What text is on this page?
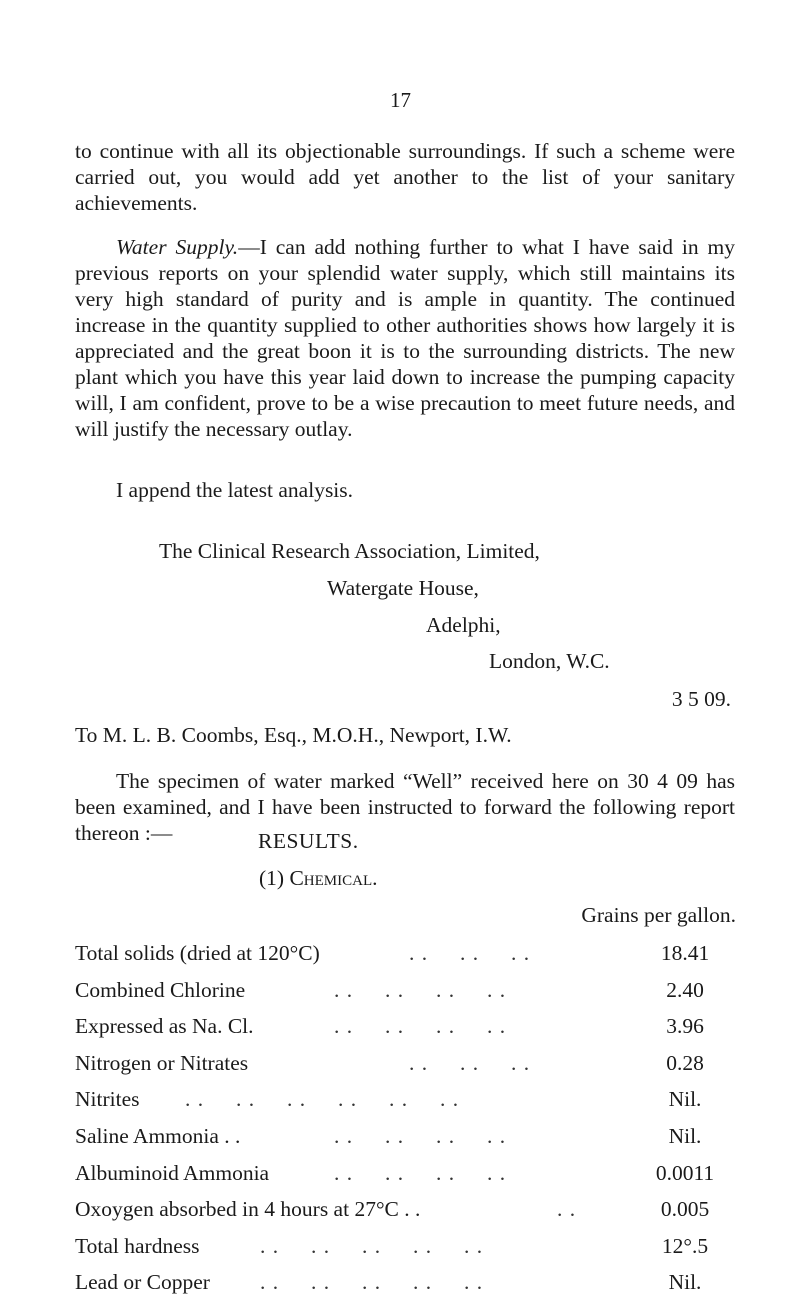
17

to continue with all its objectionable surroundings. If such a scheme were carried out, you would add yet another to the list of your sanitary achievements.

Water Supply.—I can add nothing further to what I have said in my previous reports on your splendid water supply, which still maintains its very high standard of purity and is ample in quantity. The continued increase in the quantity supplied to other authorities shows how largely it is appreciated and the great boon it is to the surrounding districts. The new plant which you have this year laid down to increase the pumping capacity will, I am confident, prove to be a wise precaution to meet future needs, and will justify the necessary outlay.

I append the latest analysis.

The Clinical Research Association, Limited,
Watergate House,
Adelphi,
London, W.C.
3 5 09.
To M. L. B. Coombs, Esq., M.O.H., Newport, I.W.

The specimen of water marked “Well” received here on 30 4 09 has been examined, and I have been instructed to forward the following report thereon :—	RESULTS.
(1) Chemical.
Grains per gallon.
Total solids (dried at 120°C)	. .     . .     . .	18.41
Combined Chlorine	. .     . .     . .     . .	2.40
Expressed as Na. Cl.	. .     . .     . .     . .	3.96
Nitrogen or Nitrates	. .     . .     . .	0.28
Nitrites . .     . .     . .     . .     . .     . .	Nil.
Saline Ammonia . .	. .     . .     . .     . .	Nil.
Albuminoid Ammonia	. .     . .     . .     . .	0.0011
Oxoygen absorbed in 4 hours at 27°C . .	. .	0.005
Total hardness	. .     . .     . .     . .     . .	12°.5
Lead or Copper . .     . .     . .     . .     . .	Nil.
